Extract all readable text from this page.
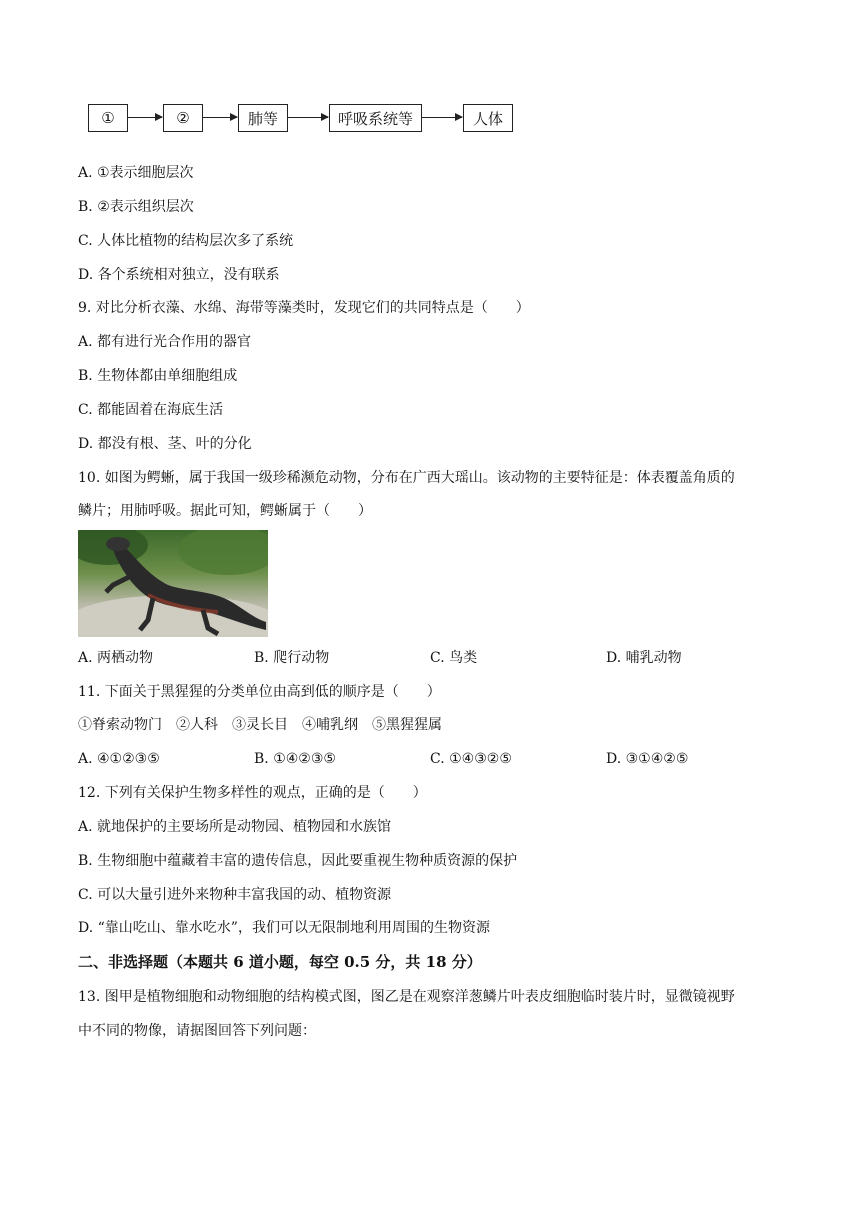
①	②	肺等	呼吸系统等	人体
A. ①表示细胞层次
B. ②表示组织层次
C. 人体比植物的结构层次多了系统
D. 各个系统相对独立，没有联系
9. 对比分析衣藻、水绵、海带等藻类时，发现它们的共同特点是（　　）
A. 都有进行光合作用的器官
B. 生物体都由单细胞组成
C. 都能固着在海底生活
D. 都没有根、茎、叶的分化
10. 如图为鳄蜥，属于我国一级珍稀濒危动物，分布在广西大瑶山。该动物的主要特征是：体表覆盖角质的
鳞片；用肺呼吸。据此可知，鳄蜥属于（　　）
A. 两栖动物	B. 爬行动物	C. 鸟类	D. 哺乳动物
11. 下面关于黑猩猩的分类单位由高到低的顺序是（　　）
①脊索动物门　②人科　③灵长目　④哺乳纲　⑤黑猩猩属
A. ④①②③⑤	B. ①④②③⑤	C. ①④③②⑤	D. ③①④②⑤
12. 下列有关保护生物多样性的观点，正确的是（　　）
A. 就地保护的主要场所是动物园、植物园和水族馆
B. 生物细胞中蕴藏着丰富的遗传信息，因此要重视生物种质资源的保护
C. 可以大量引进外来物种丰富我国的动、植物资源
D. “靠山吃山、靠水吃水”，我们可以无限制地利用周围的生物资源
二、非选择题（本题共 6 道小题，每空 0.5 分，共 18 分）
13. 图甲是植物细胞和动物细胞的结构模式图，图乙是在观察洋葱鳞片叶表皮细胞临时装片时，显微镜视野
中不同的物像，请据图回答下列问题：
